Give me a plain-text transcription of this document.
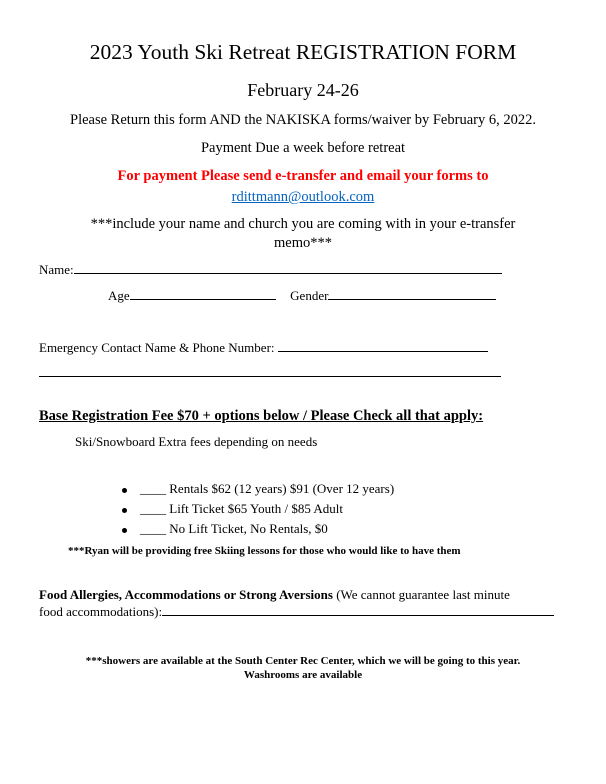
2023 Youth Ski Retreat REGISTRATION FORM
February 24-26
Please Return this form AND the NAKISKA forms/waiver by February 6, 2022.
Payment Due a week before retreat
For payment Please send e-transfer and email your forms to
rdittmann@outlook.com
***include your name and church you are coming with in your e-transfer
memo***
Name:
Age	Gender
Emergency Contact Name & Phone Number:
Base Registration Fee $70 + options below / Please Check all that apply:
Ski/Snowboard Extra fees depending on needs
____ Rentals $62 (12 years) $91 (Over 12 years)
____ Lift Ticket $65 Youth / $85 Adult
____ No Lift Ticket, No Rentals, $0
***Ryan will be providing free Skiing lessons for those who would like to have them
Food Allergies, Accommodations or Strong Aversions (We cannot guarantee last minute
food accommodations):
***showers are available at the South Center Rec Center, which we will be going to this year.
Washrooms are available
